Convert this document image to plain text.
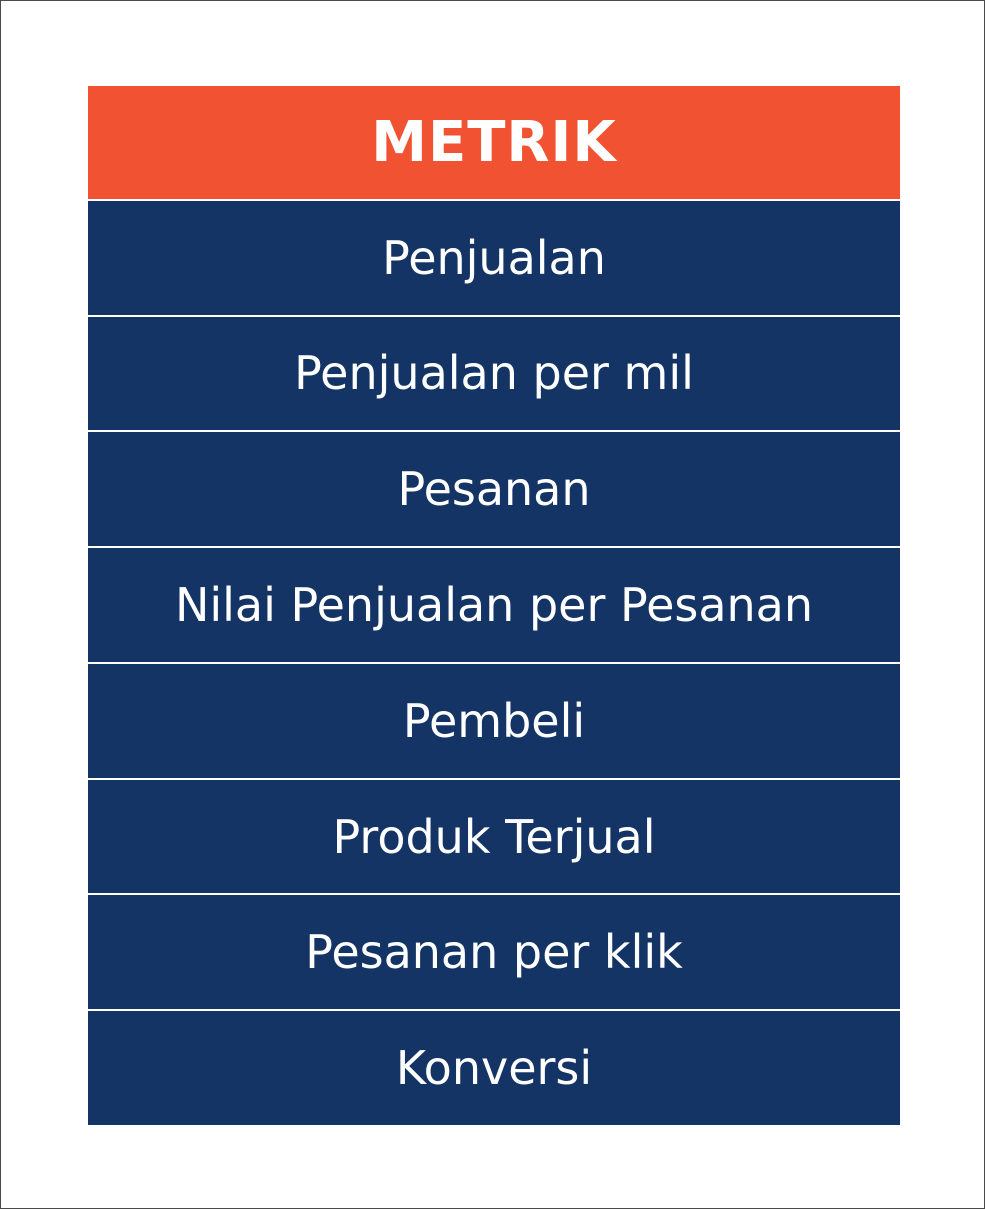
METRIK
Penjualan
Penjualan per mil
Pesanan
Nilai Penjualan per Pesanan
Pembeli
Produk Terjual
Pesanan per klik
Konversi
